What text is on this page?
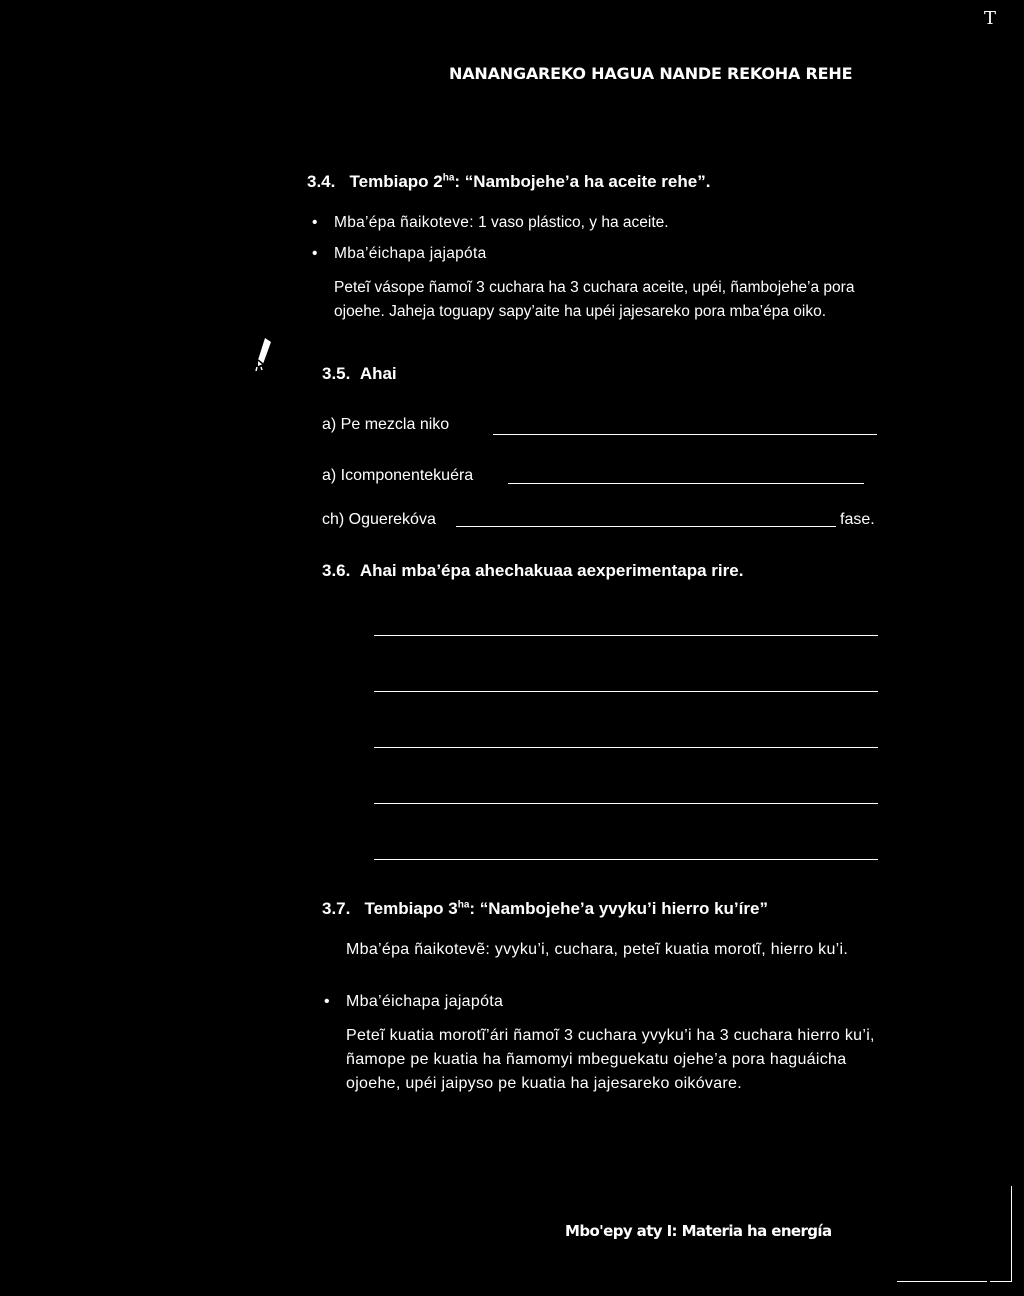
T
NANANGAREKO HAGUA NANDE REKOHA REHE
3.4. Tembiapo $2^{ha}$: “Nambojehe’a ha aceite rehe”.
• Mba’épa ñaikoteve: 1 vaso plástico, y ha aceite.
• Mba’éichapa jajapóta
Peteĩ vásope ñamoĩ 3 cuchara ha 3 cuchara aceite, upéi, ñambojehe’a pora ojoehe. Jaheja toguapy sapy’aite ha upéi jajesareko pora mba’épa oiko.
3.5. Ahai
a) Pe mezcla niko
a) Icomponentekuéra
ch) Oguerekóva	fase.
3.6. Ahai mba’épa ahechakuaa aexperimentapa rire.
3.7. Tembiapo $3^{ha}$: “Nambojehe’a yvyku’i hierro ku’íre”
Mba’épa ñaikotevẽ: yvyku’i, cuchara, peteĩ kuatia morotĩ, hierro ku’i.
• Mba’éichapa jajapóta
Peteĩ kuatia morotĩ’ári ñamoĩ 3 cuchara yvyku’i ha 3 cuchara hierro ku’i, ñamope pe kuatia ha ñamomyi mbeguekatu ojehe’a pora haguáicha ojoehe, upéi jaipyso pe kuatia ha jajesareko oikóvare.
Mbo'epy aty I: Materia ha energía
